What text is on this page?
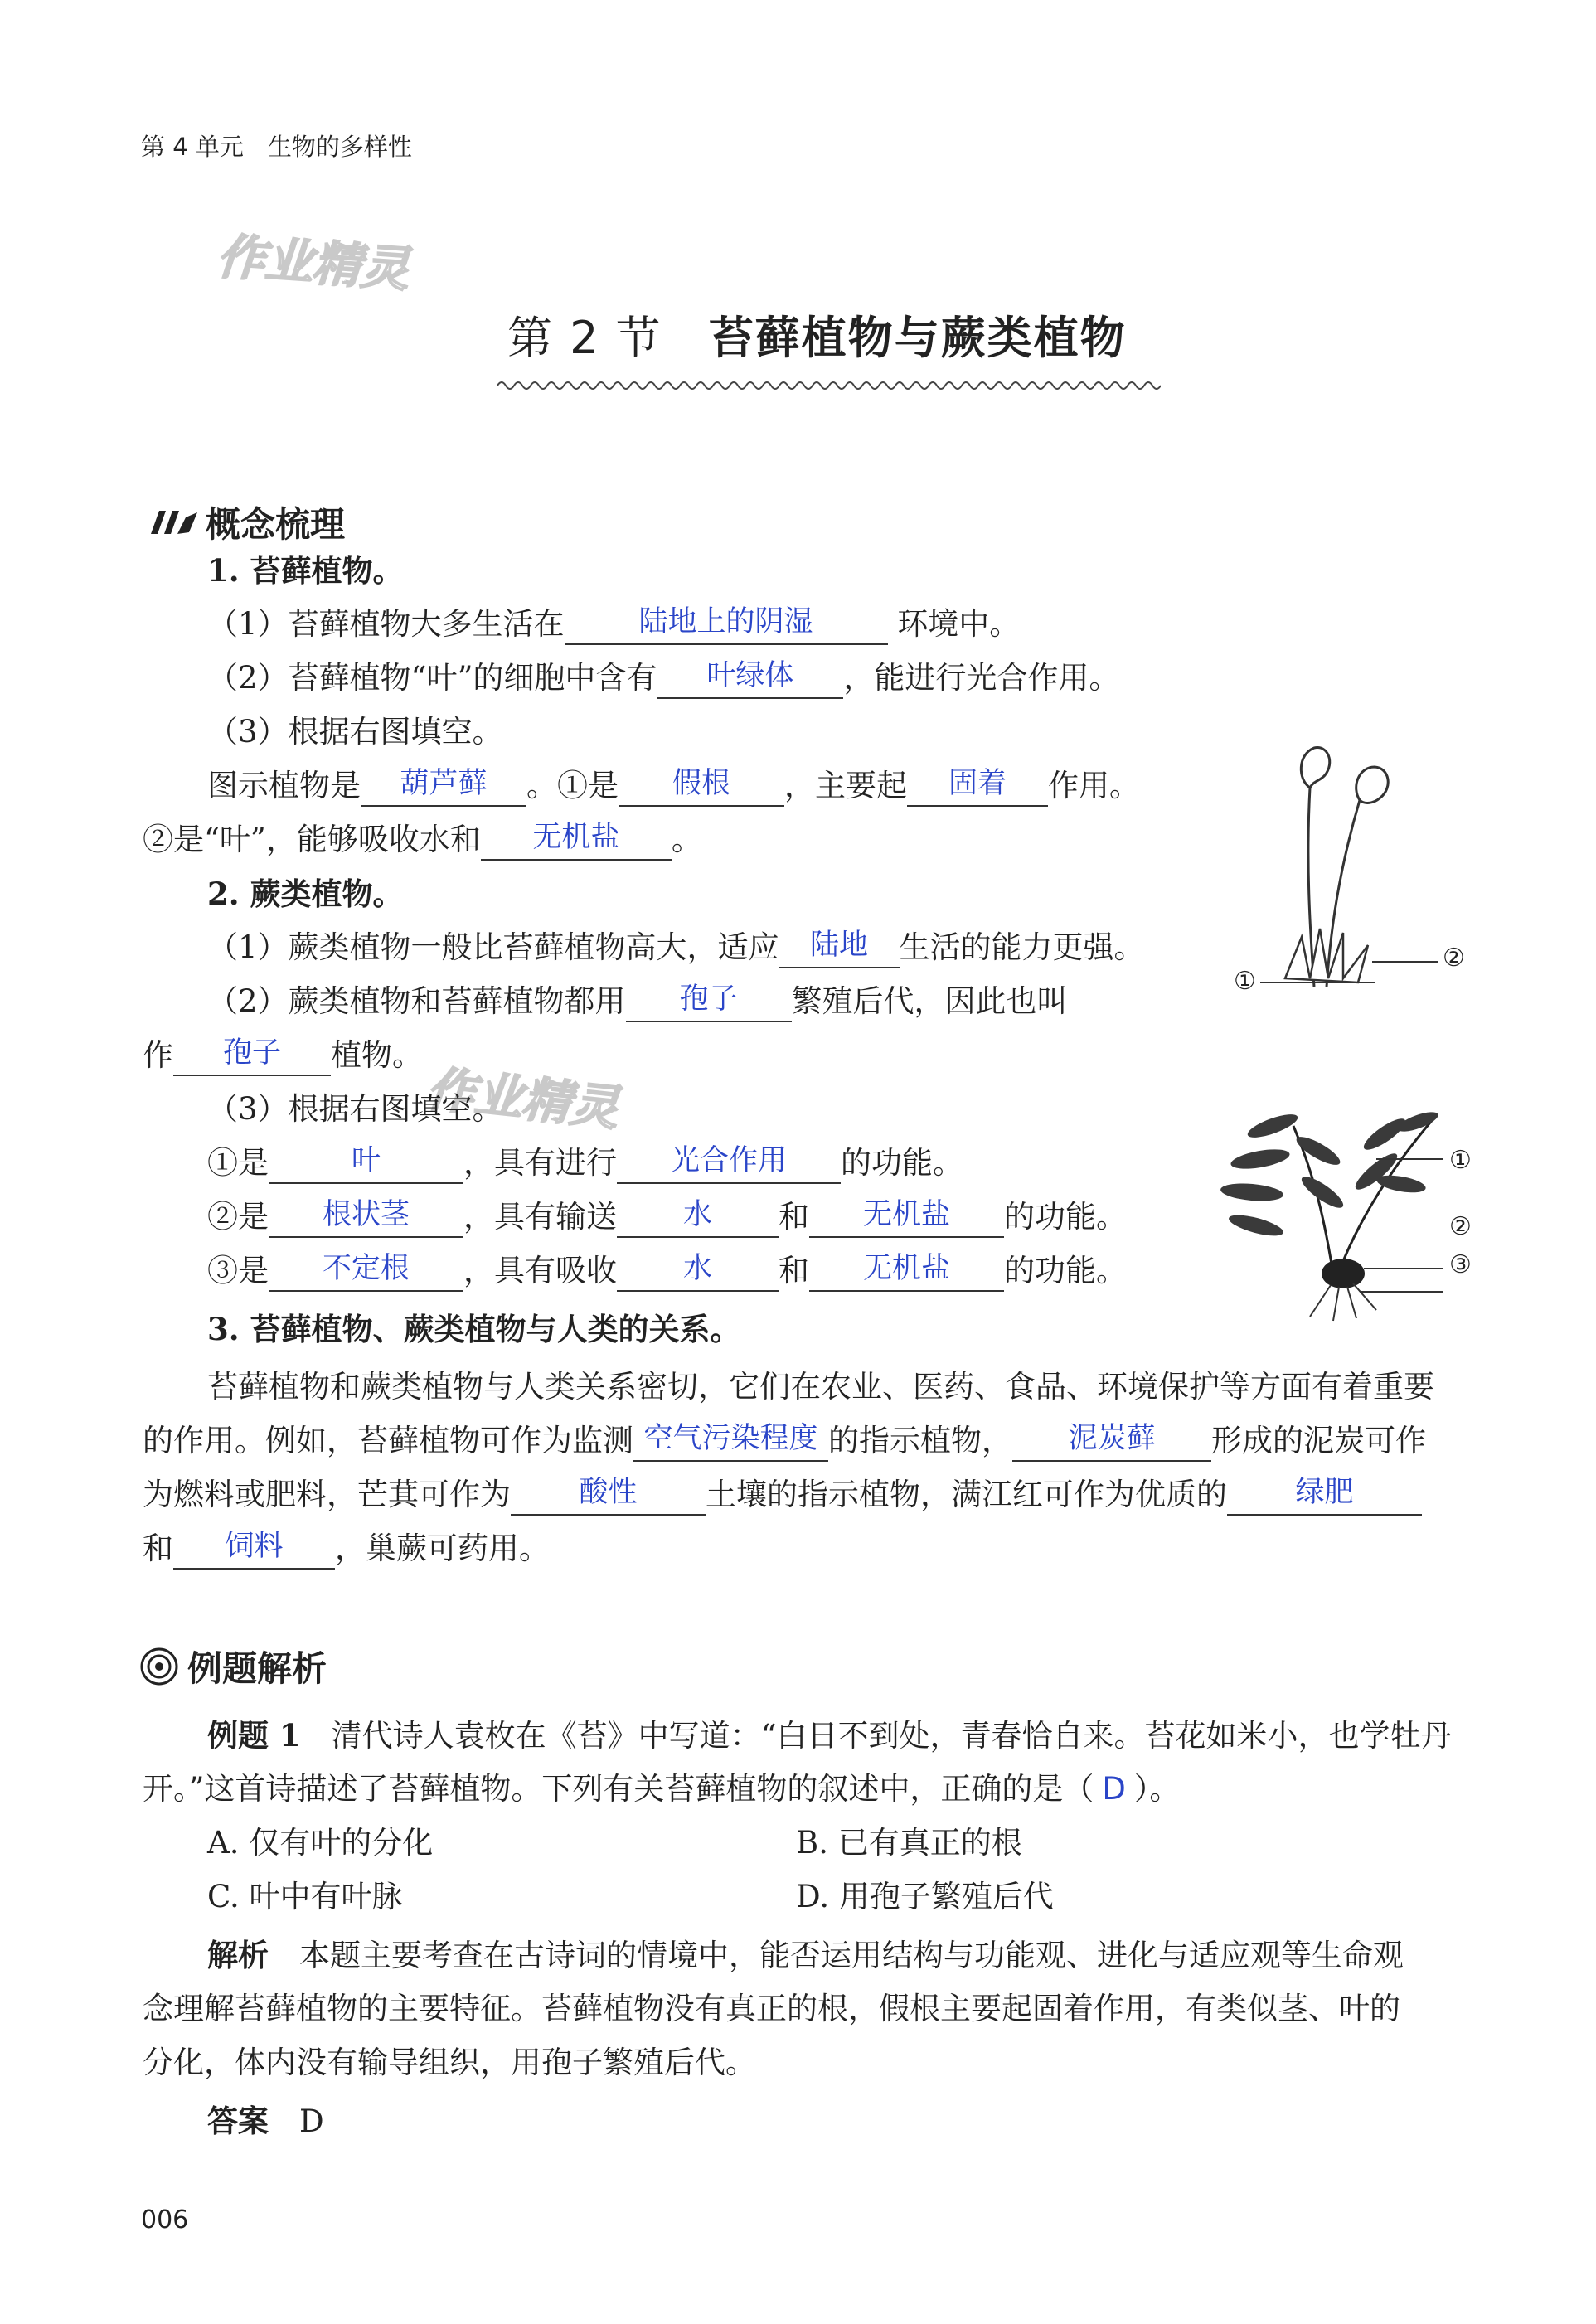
第 4 单元　生物的多样性
作业精灵
作业精灵
第 2 节　 苔藓植物与蕨类植物
概念梳理
1. 苔藓植物。
（1）苔藓植物大多生活在	陆地上的阴湿	环境中。
（2）苔藓植物“叶”的细胞中含有 叶绿体 ，能进行光合作用。
（3）根据右图填空。
图示植物是 葫芦藓 。①是 假根 ，主要起 固着 作用。
②是“叶”，能够吸收水和 无机盐 。
2. 蕨类植物。
（1）蕨类植物一般比苔藓植物高大，适应 陆地 生活的能力更强。
（2）蕨类植物和苔藓植物都用 孢子 繁殖后代，因此也叫
作 孢子 植物。
（3）根据右图填空。
①是	叶	，具有进行 光合作用 的功能。
②是 根状茎 ，具有输送 水 和 无机盐 的功能。
③是 不定根 ，具有吸收 水 和 无机盐 的功能。
3. 苔藓植物、蕨类植物与人类的关系。
苔藓植物和蕨类植物与人类关系密切，它们在农业、医药、食品、环境保护等方面有着重要
的作用。例如，苔藓植物可作为监测 空气污染程度 的指示植物， 泥炭藓 形成的泥炭可作
为燃料或肥料，芒萁可作为 酸性 土壤的指示植物，满江红可作为优质的 绿肥
和 饲料 ，巢蕨可药用。
①
②
①
②
③
例题解析
例题 1　 清代诗人袁枚在《苔》中写道：“白日不到处，青春恰自来。苔花如米小，也学牡丹
开。”这首诗描述了苔藓植物。下列有关苔藓植物的叙述中，正确的是（ D ）。
A. 仅有叶的分化	B. 已有真正的根
C. 叶中有叶脉	D. 用孢子繁殖后代
解析　 本题主要考查在古诗词的情境中，能否运用结构与功能观、进化与适应观等生命观
念理解苔藓植物的主要特征。苔藓植物没有真正的根，假根主要起固着作用，有类似茎、叶的
分化，体内没有输导组织，用孢子繁殖后代。
答案　 D
006
